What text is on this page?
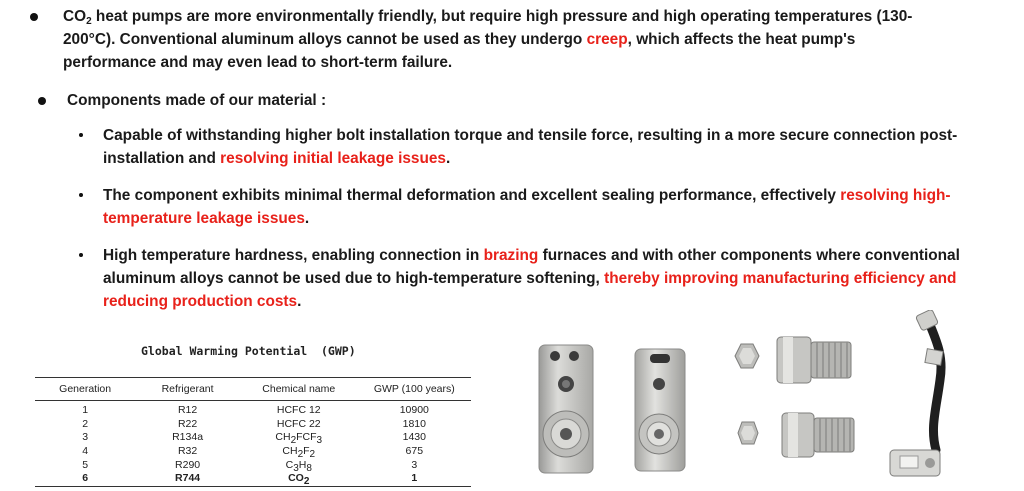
$CO_2$ heat pumps are more environmentally friendly, but require high pressure and high operating temperatures (130-
200°C). Conventional aluminum alloys cannot be used as they undergo creep, which affects the heat pump's
performance and may even lead to short-term failure.
Components made of our material :
Capable of withstanding higher bolt installation torque and tensile force, resulting in a more secure connection post-
installation and resolving initial leakage issues.
The component exhibits minimal thermal deformation and excellent sealing performance, effectively resolving high-
temperature leakage issues.
High temperature hardness, enabling connection in brazing furnaces and with other components where conventional
aluminum alloys cannot be used due to high-temperature softening, thereby improving manufacturing efficiency and
reducing production costs.
Global Warming Potential  (GWP)
Generation	Refrigerant	Chemical name	GWP (100 years)
1	R12	HCFC 12	10900
2	R22	HCFC 22	1810
3	R134a	$CH_2FCF_3$	1430
4	R32	$CH_2F_2$	675
5	R290	$C_3H_8$	3
6	R744	$CO_2$	1
